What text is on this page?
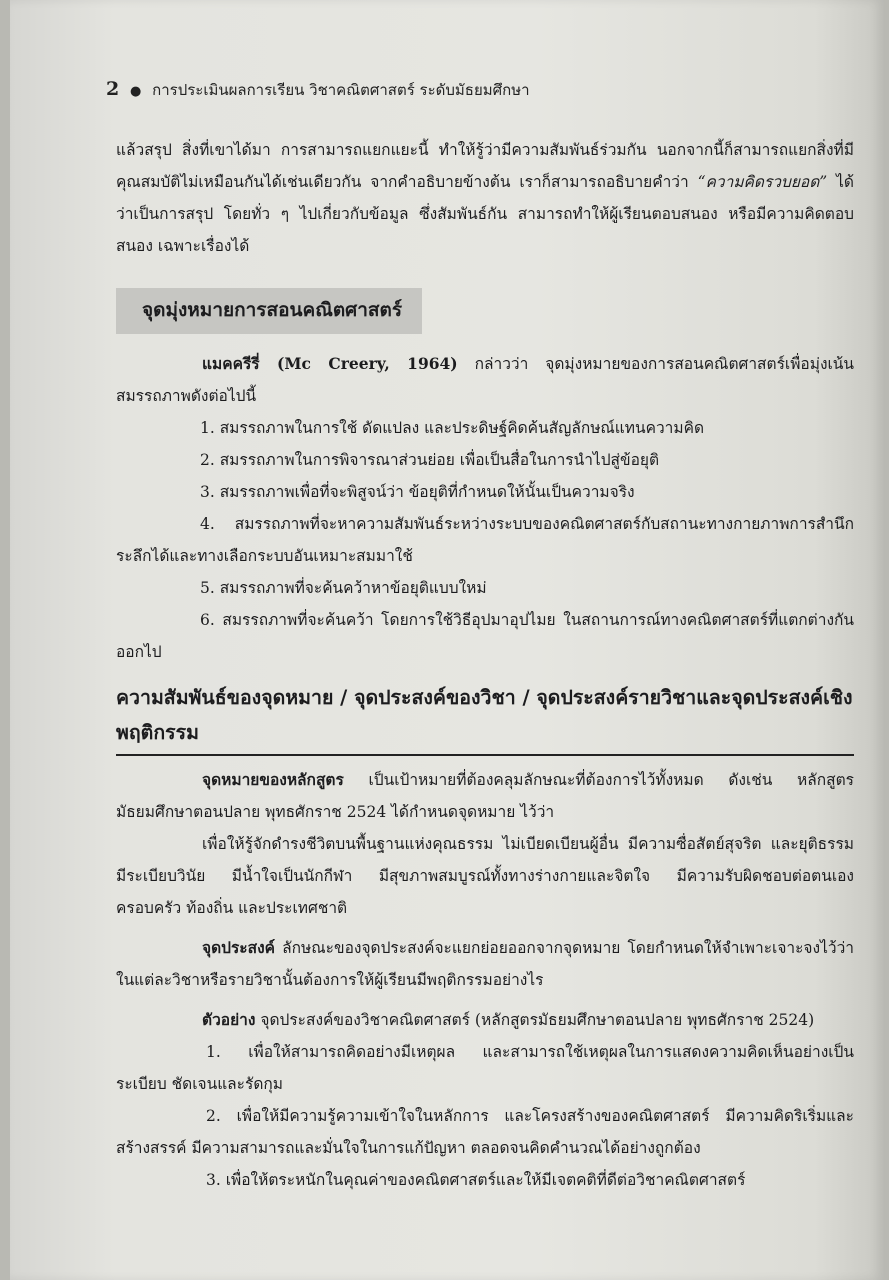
2 ● การประเมินผลการเรียน วิชาคณิตศาสตร์ ระดับมัธยมศึกษา

แล้วสรุป สิ่งที่เขาได้มา การสามารถแยกแยะนี้ ทำให้รู้ว่ามีความสัมพันธ์ร่วมกัน นอกจากนี้ก็สามารถแยกสิ่งที่มีคุณสมบัติไม่เหมือนกันได้เช่นเดียวกัน จากคำอธิบายข้างต้น เราก็สามารถอธิบายคำว่า “ความคิดรวบยอด” ได้ ว่าเป็นการสรุป โดยทั่ว ๆ ไปเกี่ยวกับข้อมูล ซึ่งสัมพันธ์กัน สามารถทำให้ผู้เรียนตอบสนอง หรือมีความคิดตอบสนอง เฉพาะเรื่องได้

จุดมุ่งหมายการสอนคณิตศาสตร์

แมคครีรี่ (Mc Creery, 1964) กล่าวว่า จุดมุ่งหมายของการสอนคณิตศาสตร์เพื่อมุ่งเน้นสมรรถภาพดังต่อไปนี้

1. สมรรถภาพในการใช้ ดัดแปลง และประดิษฐ์คิดค้นสัญลักษณ์แทนความคิด

2. สมรรถภาพในการพิจารณาส่วนย่อย เพื่อเป็นสื่อในการนำไปสู่ข้อยุติ

3. สมรรถภาพเพื่อที่จะพิสูจน์ว่า ข้อยุติที่กำหนดให้นั้นเป็นความจริง

4. สมรรถภาพที่จะหาความสัมพันธ์ระหว่างระบบของคณิตศาสตร์กับสถานะทางกายภาพการสำนึกระลึกได้และทางเลือกระบบอันเหมาะสมมาใช้

5. สมรรถภาพที่จะค้นคว้าหาข้อยุติแบบใหม่

6. สมรรถภาพที่จะค้นคว้า โดยการใช้วิธีอุปมาอุปไมย ในสถานการณ์ทางคณิตศาสตร์ที่แตกต่างกันออกไป

ความสัมพันธ์ของจุดหมาย / จุดประสงค์ของวิชา / จุดประสงค์รายวิชาและจุดประสงค์เชิงพฤติกรรม

จุดหมายของหลักสูตร เป็นเป้าหมายที่ต้องคลุมลักษณะที่ต้องการไว้ทั้งหมด ดังเช่น หลักสูตรมัธยมศึกษาตอนปลาย พุทธศักราช 2524 ได้กำหนดจุดหมาย ไว้ว่า

เพื่อให้รู้จักดำรงชีวิตบนพื้นฐานแห่งคุณธรรม ไม่เบียดเบียนผู้อื่น มีความซื่อสัตย์สุจริต และยุติธรรม มีระเบียบวินัย มีน้ำใจเป็นนักกีฬา มีสุขภาพสมบูรณ์ทั้งทางร่างกายและจิตใจ มีความรับผิดชอบต่อตนเอง ครอบครัว ท้องถิ่น และประเทศชาติ

จุดประสงค์ ลักษณะของจุดประสงค์จะแยกย่อยออกจากจุดหมาย โดยกำหนดให้จำเพาะเจาะจงไว้ว่า ในแต่ละวิชาหรือรายวิชานั้นต้องการให้ผู้เรียนมีพฤติกรรมอย่างไร

ตัวอย่าง จุดประสงค์ของวิชาคณิตศาสตร์ (หลักสูตรมัธยมศึกษาตอนปลาย พุทธศักราช 2524)

1. เพื่อให้สามารถคิดอย่างมีเหตุผล และสามารถใช้เหตุผลในการแสดงความคิดเห็นอย่างเป็นระเบียบ ชัดเจนและรัดกุม

2. เพื่อให้มีความรู้ความเข้าใจในหลักการ และโครงสร้างของคณิตศาสตร์ มีความคิดริเริ่มและสร้างสรรค์ มีความสามารถและมั่นใจในการแก้ปัญหา ตลอดจนคิดคำนวณได้อย่างถูกต้อง

3. เพื่อให้ตระหนักในคุณค่าของคณิตศาสตร์และให้มีเจตคติที่ดีต่อวิชาคณิตศาสตร์
